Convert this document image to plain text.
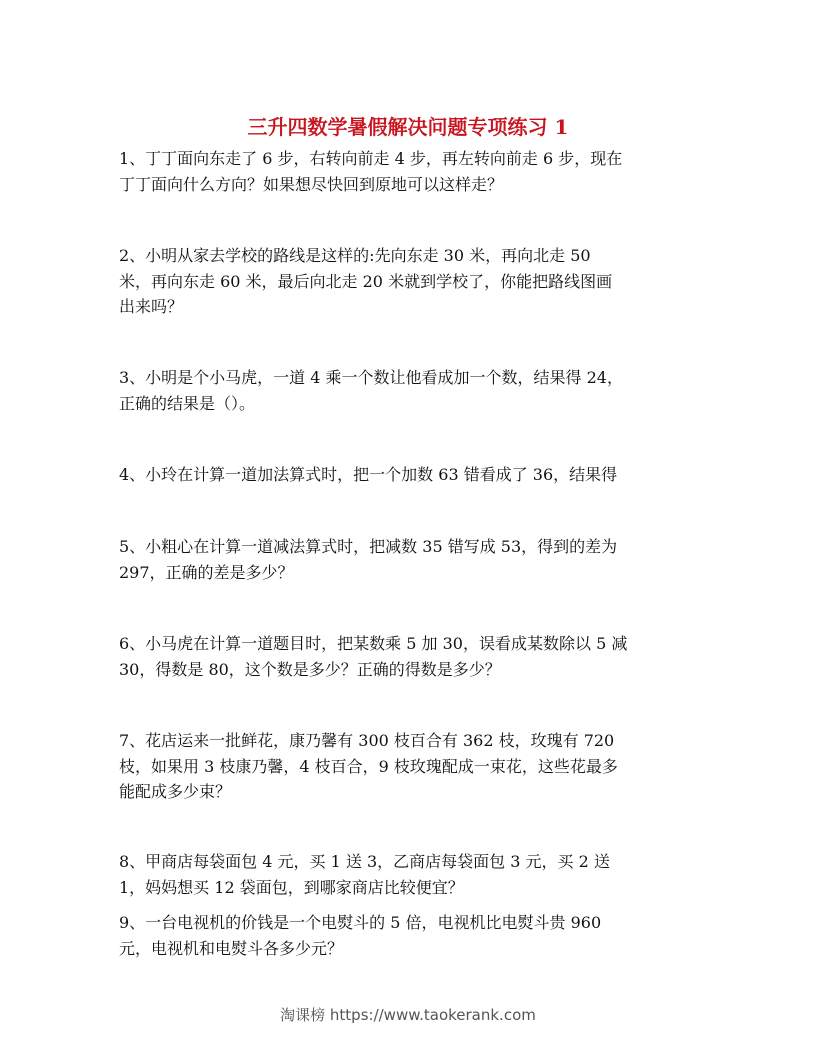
三升四数学暑假解决问题专项练习 1

1、丁丁面向东走了 6 步，右转向前走 4 步，再左转向前走 6 步，现在
丁丁面向什么方向？如果想尽快回到原地可以这样走？

2、小明从家去学校的路线是这样的:先向东走 30 米，再向北走 50
米，再向东走 60 米，最后向北走 20 米就到学校了，你能把路线图画
出来吗？

3、小明是个小马虎，一道 4 乘一个数让他看成加一个数，结果得 24，
正确的结果是（）。

4、小玲在计算一道加法算式时，把一个加数 63 错看成了 36，结果得

5、小粗心在计算一道减法算式时，把减数 35 错写成 53，得到的差为
297，正确的差是多少？

6、小马虎在计算一道题目时，把某数乘 5 加 30，误看成某数除以 5 减
30，得数是 80，这个数是多少？正确的得数是多少？

7、花店运来一批鲜花，康乃馨有 300 枝百合有 362 枝，玫瑰有 720
枝，如果用 3 枝康乃馨，4 枝百合，9 枝玫瑰配成一束花，这些花最多
能配成多少束？

8、甲商店每袋面包 4 元，买 1 送 3，乙商店每袋面包 3 元，买 2 送
1，妈妈想买 12 袋面包，到哪家商店比较便宜？

9、一台电视机的价钱是一个电熨斗的 5 倍，电视机比电熨斗贵 960
元，电视机和电熨斗各多少元？

淘课榜 https://www.taokerank.com
